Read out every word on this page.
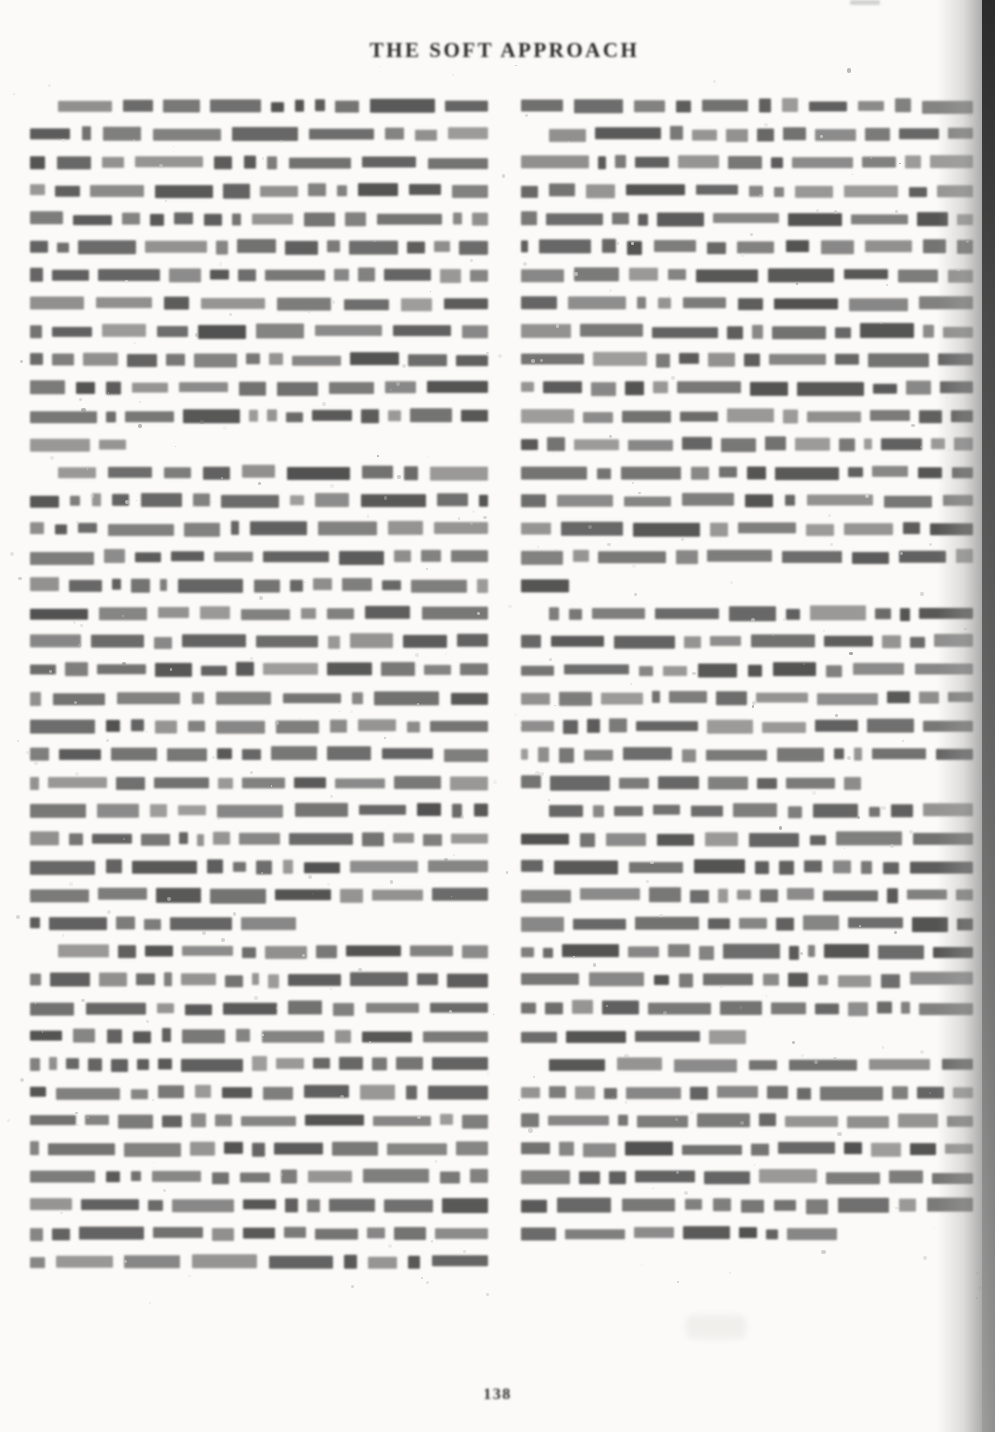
THE SOFT APPROACH
138
